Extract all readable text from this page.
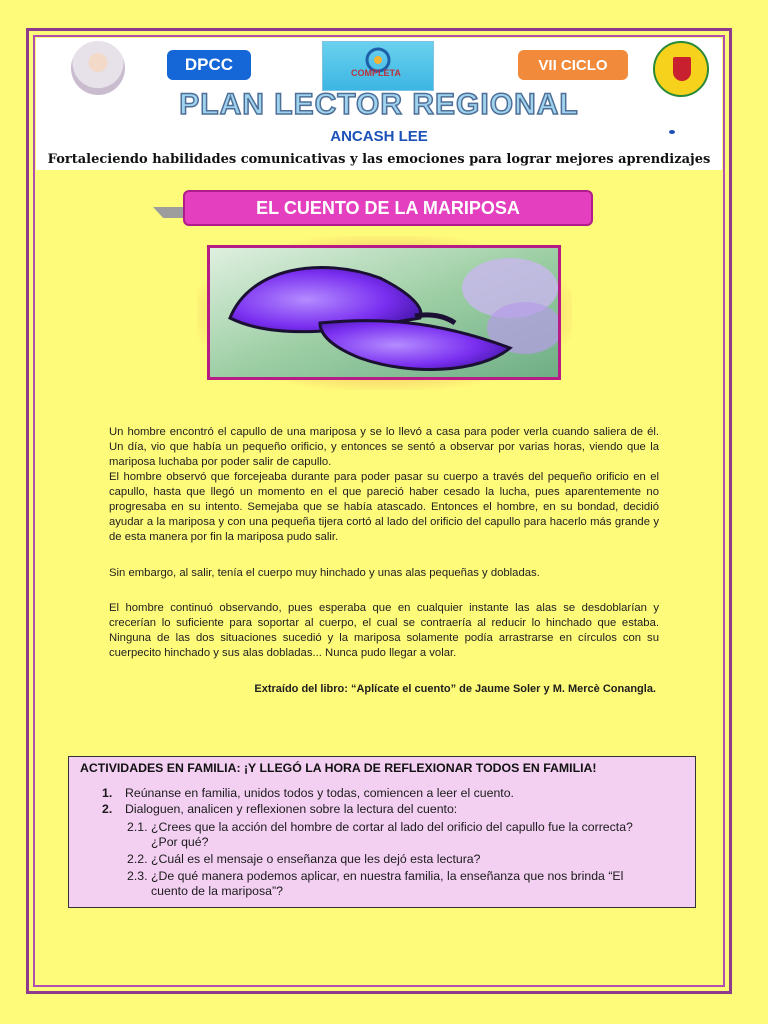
DPCC	COMPLETA	VII CICLO
PLAN LECTOR REGIONAL
ANCASH LEE
Fortaleciendo habilidades comunicativas y las emociones para lograr mejores aprendizajes
EL CUENTO DE LA MARIPOSA

Un hombre encontró el capullo de una mariposa y se lo llevó a casa para poder verla cuando saliera de él. Un día, vio que había un pequeño orificio, y entonces se sentó a observar por varias horas, viendo que la mariposa luchaba por poder salir de capullo.

El hombre observó que forcejeaba durante para poder pasar su cuerpo a través del pequeño orificio en el capullo, hasta que llegó un momento en el que pareció haber cesado la lucha, pues aparentemente no progresaba en su intento. Semejaba que se había atascado. Entonces el hombre, en su bondad, decidió ayudar a la mariposa y con una pequeña tijera cortó al lado del orificio del capullo para hacerlo más grande y de esta manera por fin la mariposa pudo salir.

Sin embargo, al salir, tenía el cuerpo muy hinchado y unas alas pequeñas y dobladas.

El hombre continuó observando, pues esperaba que en cualquier instante las alas se desdoblarían y crecerían lo suficiente para soportar al cuerpo, el cual se contraería al reducir lo hinchado que estaba. Ninguna de las dos situaciones sucedió y la mariposa solamente podía arrastrarse en círculos con su cuerpecito hinchado y sus alas dobladas... Nunca pudo llegar a volar.

Extraído del libro: “Aplícate el cuento” de Jaume Soler y M. Mercè Conangla.
ACTIVIDADES EN FAMILIA: ¡Y LLEGÓ LA HORA DE REFLEXIONAR TODOS EN FAMILIA!
1. Reúnanse en familia, unidos todos y todas, comiencen a leer el cuento.
2. Dialoguen, analicen y reflexionen sobre la lectura del cuento:
2.1. ¿Crees que la acción del hombre de cortar al lado del orificio del capullo fue la correcta?
¿Por qué?
2.2. ¿Cuál es el mensaje o enseñanza que les dejó esta lectura?
2.3. ¿De qué manera podemos aplicar, en nuestra familia, la enseñanza que nos brinda “El
cuento de la mariposa”?
